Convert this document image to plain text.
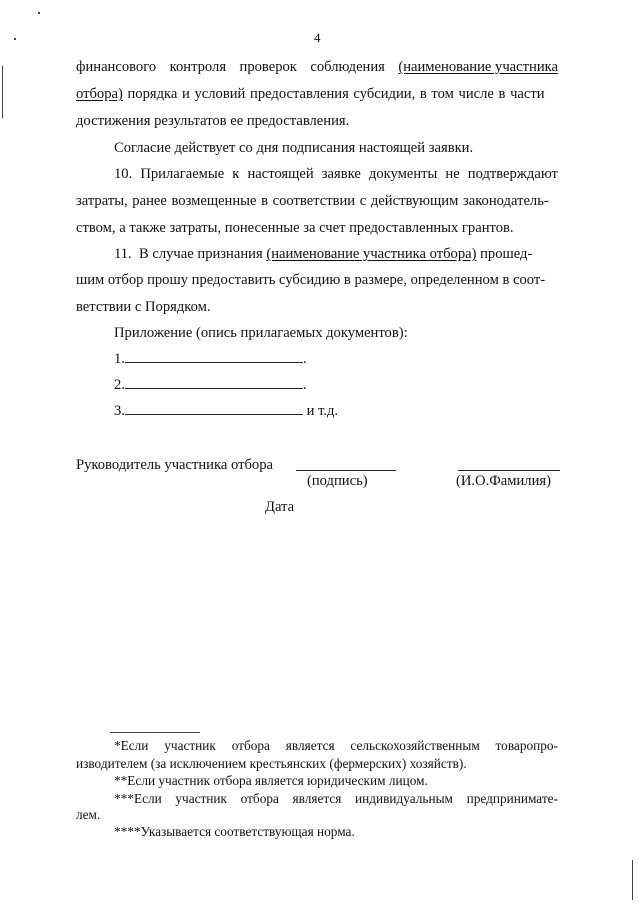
4
финансового контроля проверок соблюдения (наименование участника
отбора) порядка и условий предоставления субсидии, в том числе в части
достижения результатов ее предоставления.
Согласие действует со дня подписания настоящей заявки.
10. Прилагаемые к настоящей заявке документы не подтверждают
затраты, ранее возмещенные в соответствии с действующим законодатель-
ством, а также затраты, понесенные за счет предоставленных грантов.
11.  В случае признания (наименование участника отбора) прошед-
шим отбор прошу предоставить субсидию в размере, определенном в соот-
ветствии с Порядком.
Приложение (опись прилагаемых документов):
1.	.
2.	.
3.	и т.д.
Руководитель участника отбора
(подпись)	(И.О.Фамилия)
Дата
*Если участник отбора является сельскохозяйственным товаропро-
изводителем (за исключением крестьянских (фермерских) хозяйств).
**Если участник отбора является юридическим лицом.
***Если участник отбора является индивидуальным предпринимате-
лем.
****Указывается соответствующая норма.
